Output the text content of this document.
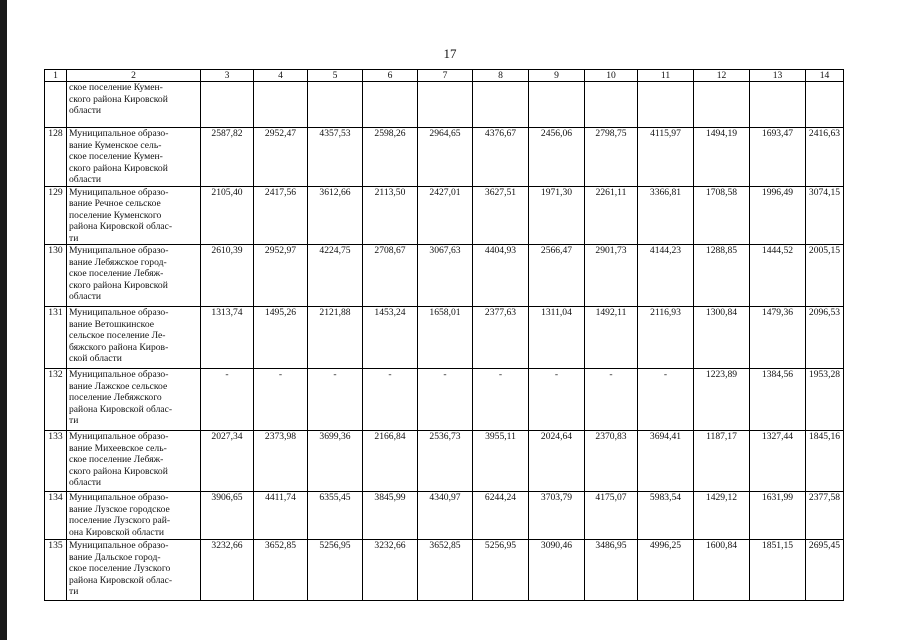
17
1	2	3	4	5	6	7	8	9	10	11	12	13	14
	ское поселение Кумен-
ского района Кировской
области												
128	Муниципальное образо-
вание Куменское сель-
ское поселение Кумен-
ского района Кировской
области	2587,82	2952,47	4357,53	2598,26	2964,65	4376,67	2456,06	2798,75	4115,97	1494,19	1693,47	2416,63
129	Муниципальное образо-
вание Речное сельское
поселение Куменского
района Кировской облас-
ти	2105,40	2417,56	3612,66	2113,50	2427,01	3627,51	1971,30	2261,11	3366,81	1708,58	1996,49	3074,15
130	Муниципальное образо-
вание Лебяжское город-
ское поселение Лебяж-
ского района Кировской
области	2610,39	2952,97	4224,75	2708,67	3067,63	4404,93	2566,47	2901,73	4144,23	1288,85	1444,52	2005,15
131	Муниципальное образо-
вание Ветошкинское
сельское поселение Ле-
бяжского района Киров-
ской области	1313,74	1495,26	2121,88	1453,24	1658,01	2377,63	1311,04	1492,11	2116,93	1300,84	1479,36	2096,53
132	Муниципальное образо-
вание Лажское сельское
поселение Лебяжского
района Кировской облас-
ти	-	-	-	-	-	-	-	-	-	1223,89	1384,56	1953,28
133	Муниципальное образо-
вание Михеевское сель-
ское поселение Лебяж-
ского района Кировской
области	2027,34	2373,98	3699,36	2166,84	2536,73	3955,11	2024,64	2370,83	3694,41	1187,17	1327,44	1845,16
134	Муниципальное образо-
вание Лузское городское
поселение Лузского рай-
она Кировской области	3906,65	4411,74	6355,45	3845,99	4340,97	6244,24	3703,79	4175,07	5983,54	1429,12	1631,99	2377,58
135	Муниципальное образо-
вание Дальское город-
ское поселение Лузского
района Кировской облас-
ти	3232,66	3652,85	5256,95	3232,66	3652,85	5256,95	3090,46	3486,95	4996,25	1600,84	1851,15	2695,45
